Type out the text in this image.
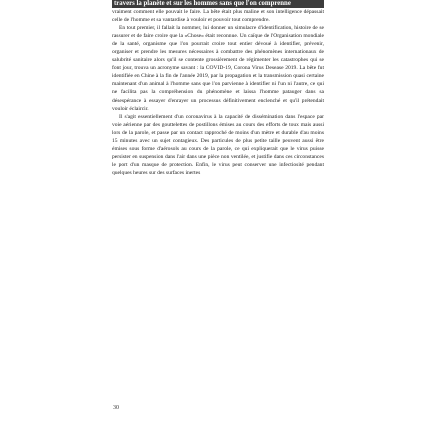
travers la planète et sur les hommes sans que l'on comprenne

vraiment comment elle pouvait le faire. La bête était plus maline et son intelligence dépassait celle de l'homme et sa vantardise à vouloir et pouvoir tout comprendre.

En tout premier, il fallait la nommer, lui donner un simulacre d'identification, histoire de se rassurer et de faire croire que la «Chose» était reconnue. Un caïque de l'Organisation mondiale de la santé, organisme que l'on pourrait croire tout entier dévoué à identifier, prévenir, organiser et prendre les mesures nécessaires à combattre des phénomènes internationaux de salubrité sanitaire alors qu'il se contente grossièrement de régimenter les catastrophes qui se font jour, trouva un acronyme savant : la COVID-19, Corona Virus Desease 2019. La bête fut identifiée en Chine à la fin de l'année 2019, par la propagation et la transmission quasi certaine maintenant d'un animal à l'homme sans que l'on parvienne à identifier ni l'un ni l'autre, ce qui ne facilita pas la compréhension du phénomène et laissa l'homme patauger dans sa désespérance à essayer d'enrayer un processus définitivement enclenché et qu'il prétendait vouloir éclaircir.

Il s'agit essentiellement d'un coronavirus à la capacité de dissémination dans l'espace par voie aérienne par des gouttelettes de postillons émises au cours des efforts de toux mais aussi lors de la parole, et passe par un contact rapproché de moins d'un mètre et durable d'au moins 15 minutes avec un sujet contagieux. Des particules de plus petite taille peuvent aussi être émises sous forme d'aérosols au cours de la parole, ce qui expliquerait que le virus puisse persister en suspension dans l'air dans une pièce non ventilée, et justifie dans ces circonstances le port d'un masque de protection. Enfin, le virus peut conserver une infectiosité pendant quelques heures sur des surfaces inertes

30
